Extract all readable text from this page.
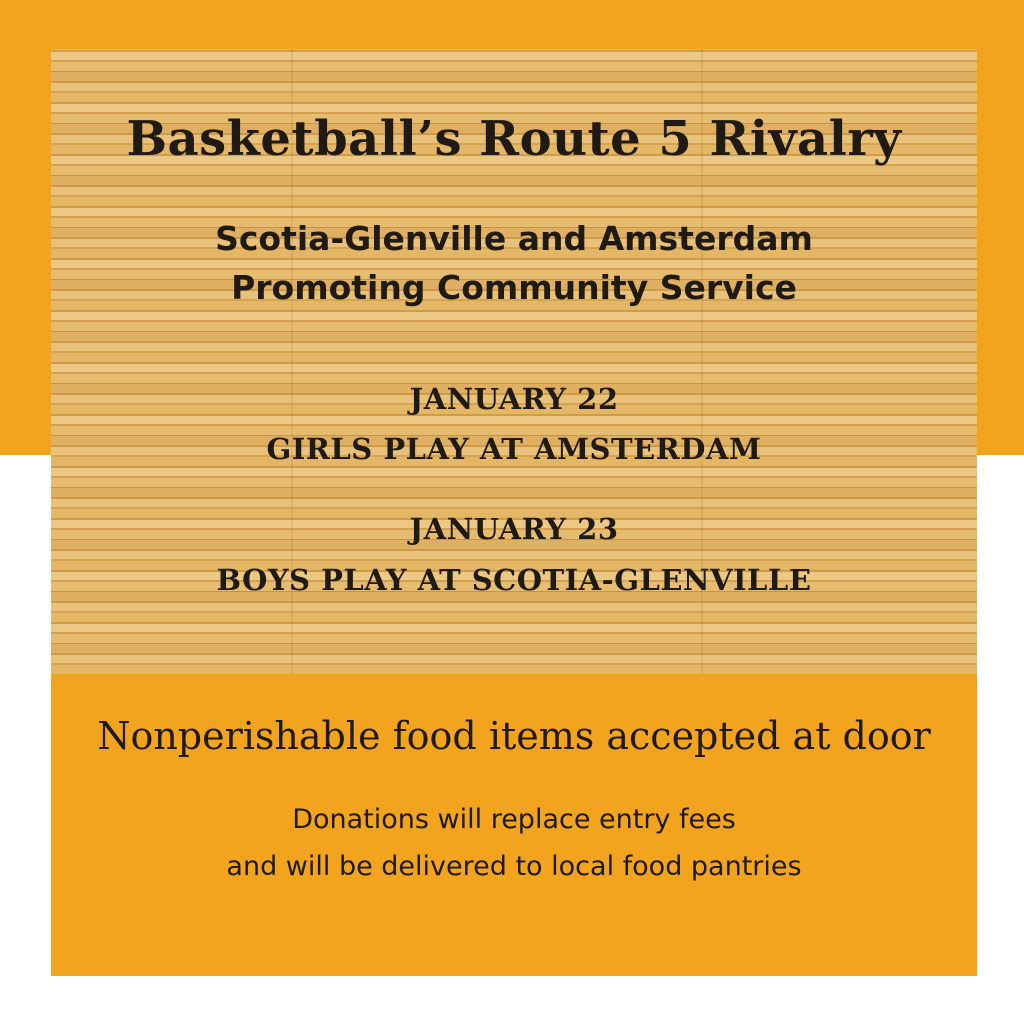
Basketball’s Route 5 Rivalry

Scotia-Glenville and Amsterdam

Promoting Community Service

JANUARY 22

GIRLS PLAY AT AMSTERDAM

JANUARY 23

BOYS PLAY AT SCOTIA-GLENVILLE

Nonperishable food items accepted at door

Donations will replace entry fees

and will be delivered to local food pantries
